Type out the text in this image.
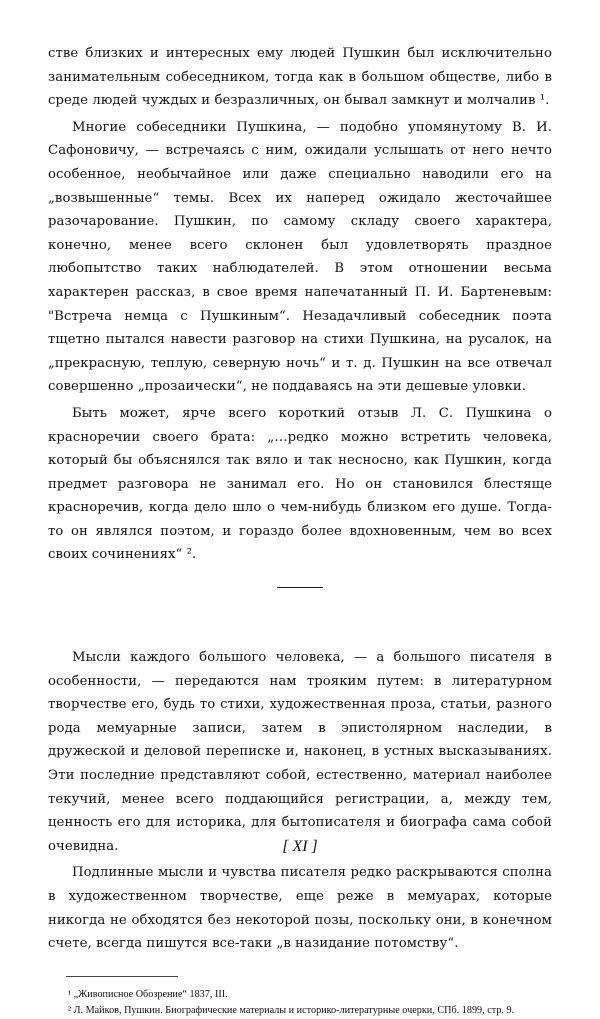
стве близких и интересных ему людей Пушкин был исключительно занимательным собеседником, тогда как в большом обществе, либо в среде людей чуждых и безразличных, он бывал замкнут и молчалив ¹.

Многие собеседники Пушкина, — подобно упомянутому В. И. Сафоновичу, — встречаясь с ним, ожидали услышать от него нечто особенное, необычайное или даже специально наводили его на „возвышенные“ темы. Всех их наперед ожидало жесточайшее разочарование. Пушкин, по самому складу своего характера, конечно, менее всего склонен был удовлетворять праздное любопытство таких наблюдателей. В этом отношении весьма характерен рассказ, в свое время напечатанный П. И. Бартеневым: "Встреча немца с Пушкиным“. Незадачливый собеседник поэта тщетно пытался навести разговор на стихи Пушкина, на русалок, на „прекрасную, теплую, северную ночь“ и т. д. Пушкин на все отвечал совершенно „прозаически“, не поддаваясь на эти дешевые уловки.

Быть может, ярче всего короткий отзыв Л. С. Пушкина о красноречии своего брата: „…редко можно встретить человека, который бы объяснялся так вяло и так несносно, как Пушкин, когда предмет разговора не занимал его. Но он становился блестяще красноречив, когда дело шло о чем-нибудь близком его душе. Тогда-то он являлся поэтом, и гораздо более вдохновенным, чем во всех своих сочинениях“ ².

Мысли каждого большого человека, — а большого писателя в особенности, — передаются нам трояким путем: в литературном творчестве его, будь то стихи, художественная проза, статьи, разного рода мемуарные записи, затем в эпистолярном наследии, в дружеской и деловой переписке и, наконец, в устных высказываниях. Эти последние представляют собой, естественно, материал наиболее текучий, менее всего поддающийся регистрации, а, между тем, ценность его для историка, для бытописателя и биографа сама собой очевидна.

Подлинные мысли и чувства писателя редко раскрываются сполна в художественном творчестве, еще реже в мемуарах, которые никогда не обходятся без некоторой позы, поскольку они, в конечном счете, всегда пишутся все-таки „в назидание потомству“.

¹ „Живописное Обозрение“ 1837, III.

² Л. Майков, Пушкин. Биографические материалы и историко-литературные очерки, СПб. 1899, стр. 9.

[ XI ]
